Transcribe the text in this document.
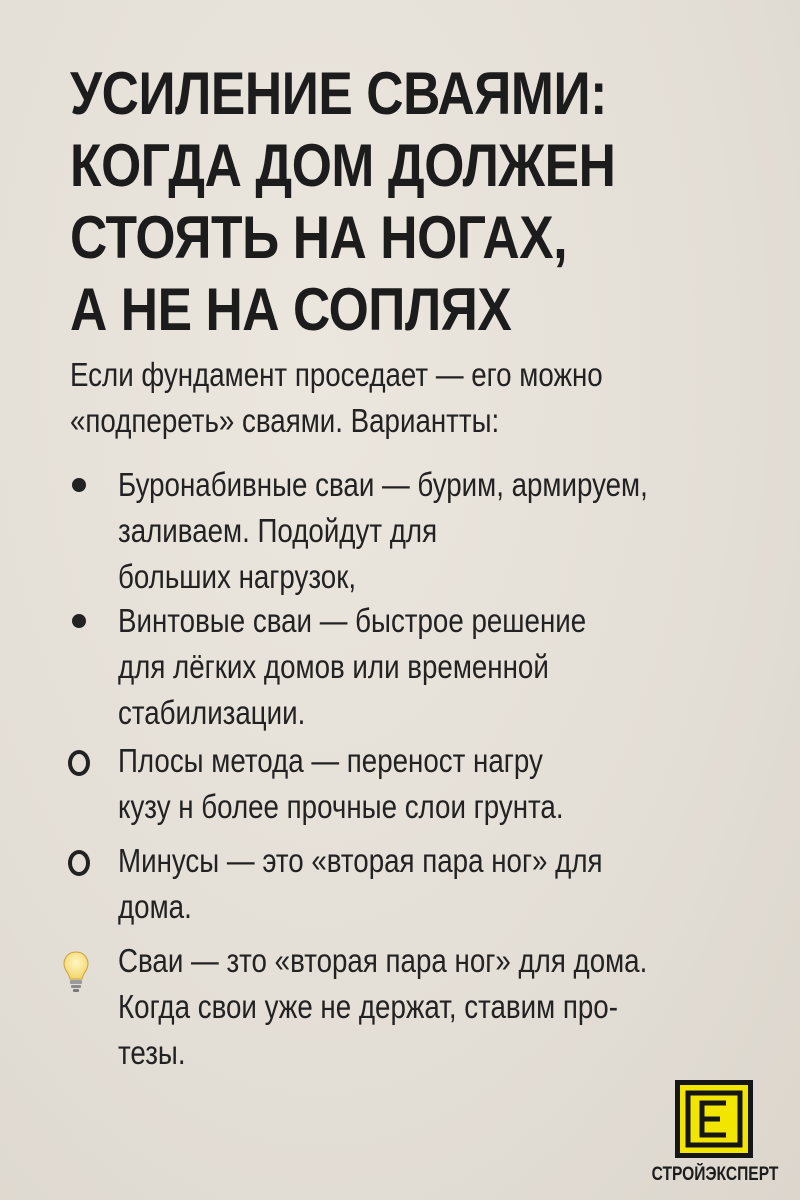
УСИЛЕНИЕ СВАЯМИ:
КОГДА ДОМ ДОЛЖЕН
СТОЯТЬ НА НОГАХ,
А НЕ НА СОПЛЯХ

Если фундамент проседает — его можно
«подпереть» сваями. Вариантты:

Буронабивные сваи — бурим, армируем,
заливаем. Подойдут для
больших нагрузок,

Винтовые сваи — быстрое решение
для лёгких домов или временной
стабилизации.

Плосы метода — переност нагру
кузу н более прочные слои грунта.

Минусы — это «вторая пара ног» для
дома.

Сваи — зто «вторая пара ног» для дома.
Когда свои уже не держат, ставим про-
тезы.

СТРОЙЭКСПЕРТ
